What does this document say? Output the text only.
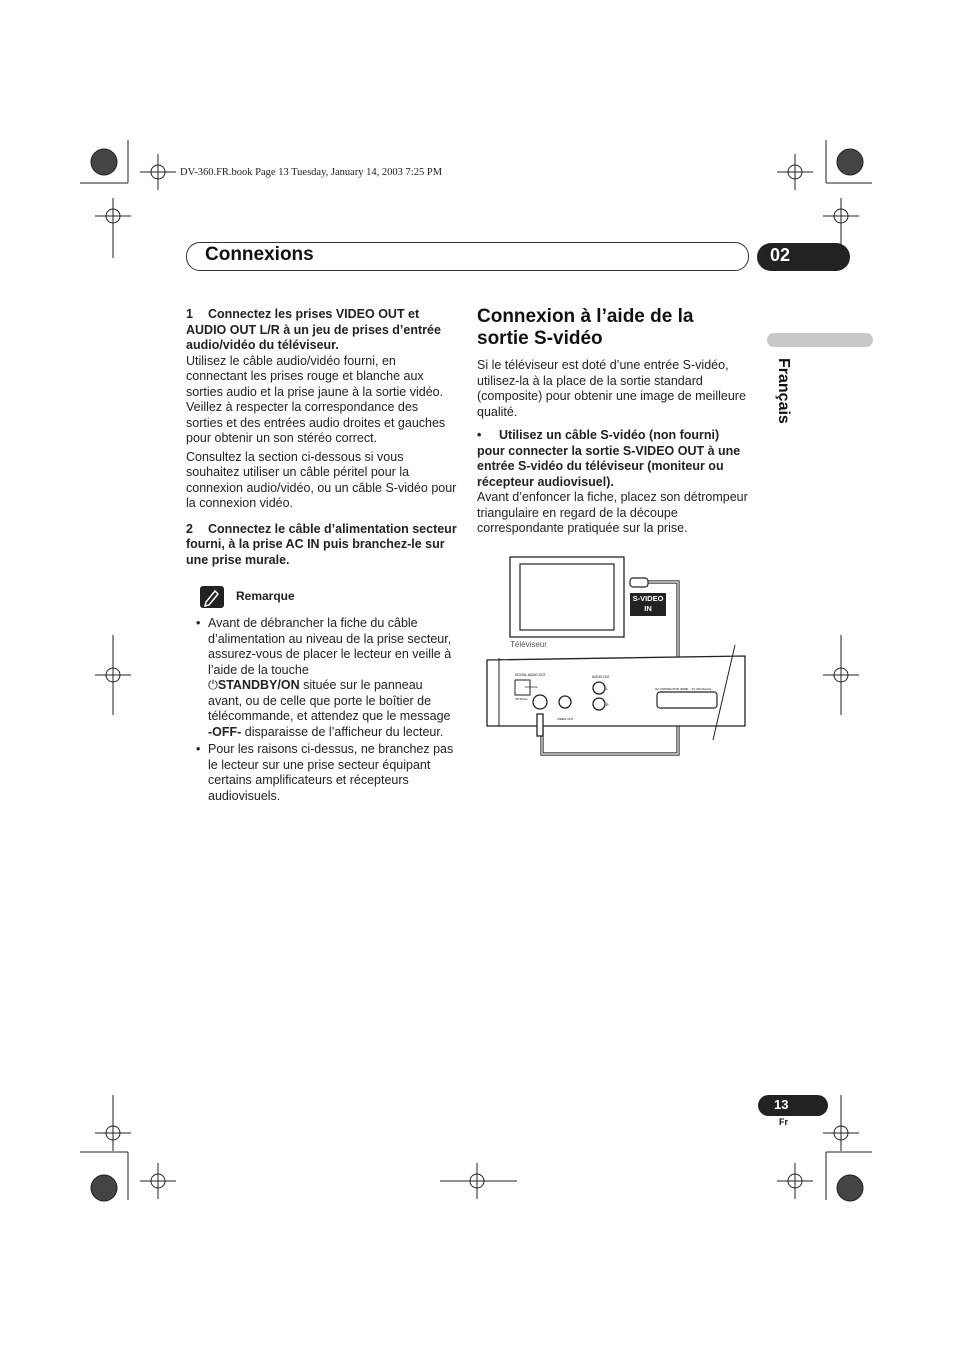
DV-360.FR.book Page 13 Tuesday, January 14, 2003 7:25 PM
Connexions	02
Français
1 Connectez les prises VIDEO OUT et AUDIO OUT L/R à un jeu de prises d’entrée audio/vidéo du téléviseur.

Utilisez le câble audio/vidéo fourni, en connectant les prises rouge et blanche aux sorties audio et la prise jaune à la sortie vidéo. Veillez à respecter la correspondance des sorties et des entrées audio droites et gauches pour obtenir un son stéréo correct.

Consultez la section ci-dessous si vous souhaitez utiliser un câble péritel pour la connexion audio/vidéo, ou un câble S-vidéo pour la connexion vidéo.

2 Connectez le câble d’alimentation secteur fourni, à la prise AC IN puis branchez-le sur une prise murale.
Remarque
• Avant de débrancher la fiche du câble d’alimentation au niveau de la prise secteur, assurez-vous de placer le lecteur en veille à l’aide de la touche
⏻STANDBY/ON située sur le panneau avant, ou de celle que porte le boîtier de télécommande, et attendez que le message -OFF- disparaisse de l’afficheur du lecteur.
• Pour les raisons ci-dessus, ne branchez pas le lecteur sur une prise secteur équipant certains amplificateurs et récepteurs audiovisuels.
Connexion à l’aide de la sortie S-vidéo

Si le téléviseur est doté d’une entrée S-vidéo, utilisez-la à la place de la sortie standard (composite) pour obtenir une image de meilleure qualité.

• Utilisez un câble S-vidéo (non fourni) pour connecter la sortie S-VIDEO OUT à une entrée S-vidéo du téléviseur (moniteur ou récepteur audiovisuel).

Avant d’enfoncer la fiche, placez son détrompeur triangulaire en regard de la découpe correspondante pratiquée sur la prise.

DIGITAL AUDIO OUT
COAXIAL
OPTICAL
AUDIO OUT
L
R
VIDEO OUT
AV CONNECTOR (RGB) – TV OR Monitor
Téléviseur
S-VIDEO
IN
13
Fr
